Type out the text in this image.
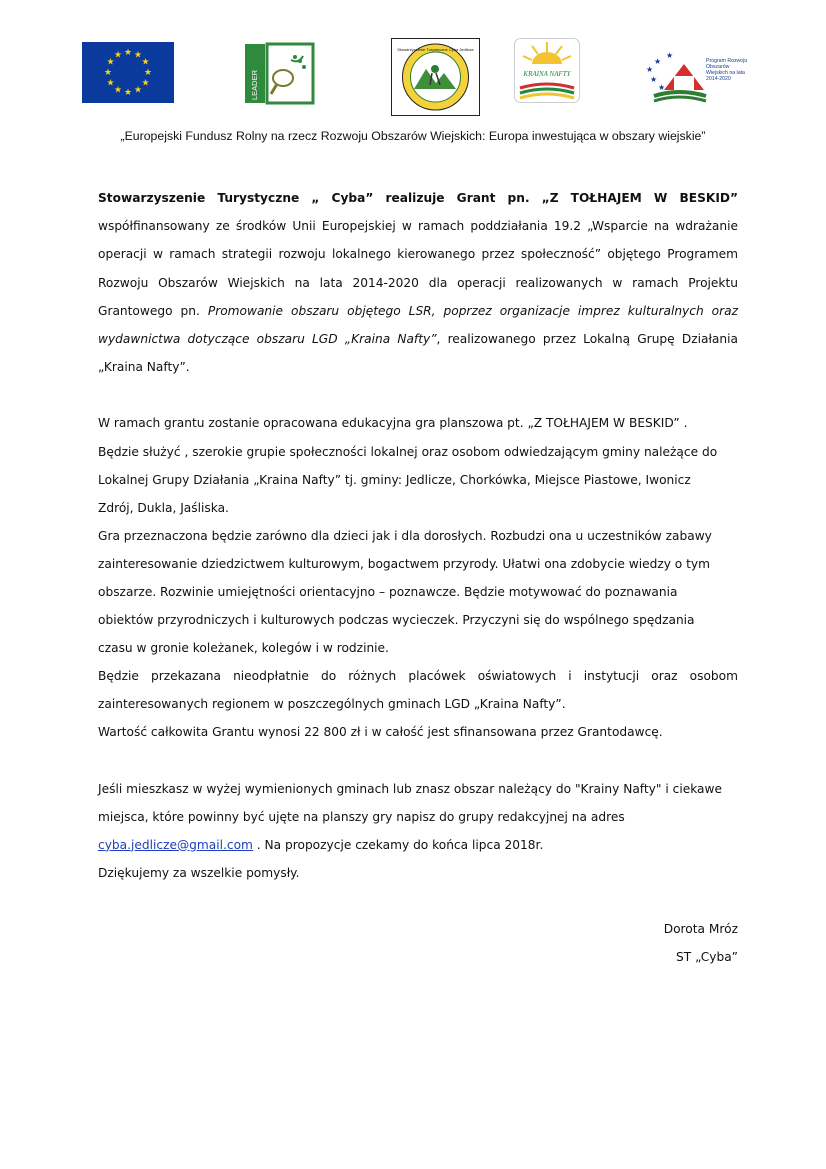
★ ★
★
★
★
★
★
★
★
★
★
★
LEADER
Stowarzyszenie Turystyczne Cyba Jedlicze
KRAINA NAFTY	★
★
★
★
★
Program Rozwoju Obszarów Wiejskich na lata 2014-2020
„Europejski Fundusz Rolny na rzecz Rozwoju Obszarów Wiejskich: Europa inwestująca w obszary wiejskie”

Stowarzyszenie Turystyczne „ Cyba” realizuje Grant pn. „Z TOŁHAJEM W BESKID” współfinansowany ze środków Unii Europejskiej w ramach poddziałania 19.2 „Wsparcie na wdrażanie operacji w ramach strategii rozwoju lokalnego kierowanego przez społeczność” objętego Programem Rozwoju Obszarów Wiejskich na lata 2014-2020 dla operacji realizowanych w ramach Projektu Grantowego pn. Promowanie obszaru objętego LSR, poprzez organizacje imprez kulturalnych oraz wydawnictwa dotyczące obszaru LGD „Kraina Nafty”, realizowanego przez Lokalną Grupę Działania „Kraina Nafty”.

W ramach grantu zostanie opracowana edukacyjna gra planszowa pt. „Z TOŁHAJEM W BESKID” .
Będzie służyć , szerokie grupie społeczności lokalnej oraz osobom odwiedzającym gminy należące do
Lokalnej Grupy Działania „Kraina Nafty” tj. gminy: Jedlicze, Chorkówka, Miejsce Piastowe, Iwonicz
Zdrój, Dukla, Jaśliska.
Gra przeznaczona będzie zarówno dla dzieci jak i dla dorosłych. Rozbudzi ona u uczestników zabawy
zainteresowanie dziedzictwem kulturowym, bogactwem przyrody. Ułatwi ona zdobycie wiedzy o tym
obszarze. Rozwinie umiejętności orientacyjno – poznawcze. Będzie motywować do poznawania
obiektów przyrodniczych i kulturowych podczas wycieczek. Przyczyni się do wspólnego spędzania
czasu w gronie koleżanek, kolegów i w rodzinie.
Będzie przekazana nieodpłatnie do różnych placówek oświatowych i instytucji oraz osobom zainteresowanych regionem w poszczególnych gminach LGD „Kraina Nafty”.
Wartość całkowita Grantu wynosi 22 800 zł i w całość jest sfinansowana przez Grantodawcę.
Jeśli mieszkasz w wyżej wymienionych gminach lub znasz obszar należący do "Krainy Nafty" i ciekawe
miejsca, które powinny być ujęte na planszy gry napisz do grupy redakcyjnej na adres
cyba.jedlicze@gmail.com . Na propozycje czekamy do końca lipca 2018r.
Dziękujemy za wszelkie pomysły.
Dorota Mróz
ST „Cyba”
